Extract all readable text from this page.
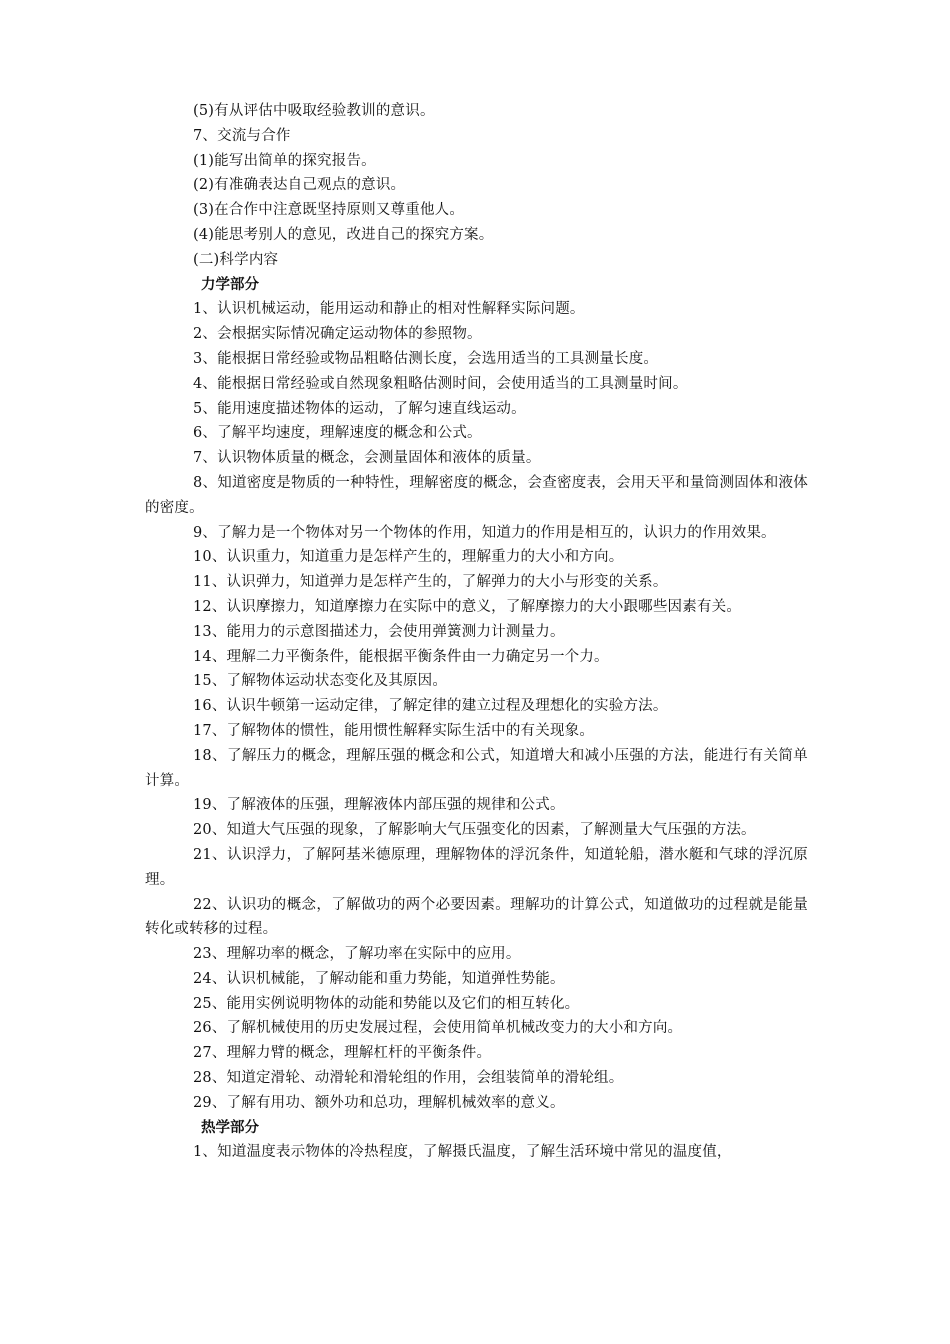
(5)有从评估中吸取经验教训的意识。
7、交流与合作
(1)能写出简单的探究报告。
(2)有准确表达自己观点的意识。
(3)在合作中注意既坚持原则又尊重他人。
(4)能思考别人的意见，改进自己的探究方案。
(二)科学内容
力学部分
1、认识机械运动，能用运动和静止的相对性解释实际问题。
2、会根据实际情况确定运动物体的参照物。
3、能根据日常经验或物品粗略估测长度，会选用适当的工具测量长度。
4、能根据日常经验或自然现象粗略估测时间，会使用适当的工具测量时间。
5、能用速度描述物体的运动，了解匀速直线运动。
6、了解平均速度，理解速度的概念和公式。
7、认识物体质量的概念，会测量固体和液体的质量。
8、知道密度是物质的一种特性，理解密度的概念，会查密度表，会用天平和量筒测固体和液体的密度。
9、了解力是一个物体对另一个物体的作用，知道力的作用是相互的，认识力的作用效果。
10、认识重力，知道重力是怎样产生的，理解重力的大小和方向。
11、认识弹力，知道弹力是怎样产生的，了解弹力的大小与形变的关系。
12、认识摩擦力，知道摩擦力在实际中的意义，了解摩擦力的大小跟哪些因素有关。
13、能用力的示意图描述力，会使用弹簧测力计测量力。
14、理解二力平衡条件，能根据平衡条件由一力确定另一个力。
15、了解物体运动状态变化及其原因。
16、认识牛顿第一运动定律，了解定律的建立过程及理想化的实验方法。
17、了解物体的惯性，能用惯性解释实际生活中的有关现象。
18、了解压力的概念，理解压强的概念和公式，知道增大和减小压强的方法，能进行有关简单计算。
19、了解液体的压强，理解液体内部压强的规律和公式。
20、知道大气压强的现象，了解影响大气压强变化的因素，了解测量大气压强的方法。
21、认识浮力，了解阿基米德原理，理解物体的浮沉条件，知道轮船，潜水艇和气球的浮沉原理。
22、认识功的概念，了解做功的两个必要因素。理解功的计算公式，知道做功的过程就是能量转化或转移的过程。
23、理解功率的概念，了解功率在实际中的应用。
24、认识机械能，了解动能和重力势能，知道弹性势能。
25、能用实例说明物体的动能和势能以及它们的相互转化。
26、了解机械使用的历史发展过程，会使用简单机械改变力的大小和方向。
27、理解力臂的概念，理解杠杆的平衡条件。
28、知道定滑轮、动滑轮和滑轮组的作用，会组装简单的滑轮组。
29、了解有用功、额外功和总功，理解机械效率的意义。
热学部分
1、知道温度表示物体的冷热程度，了解摄氏温度，了解生活环境中常见的温度值，
